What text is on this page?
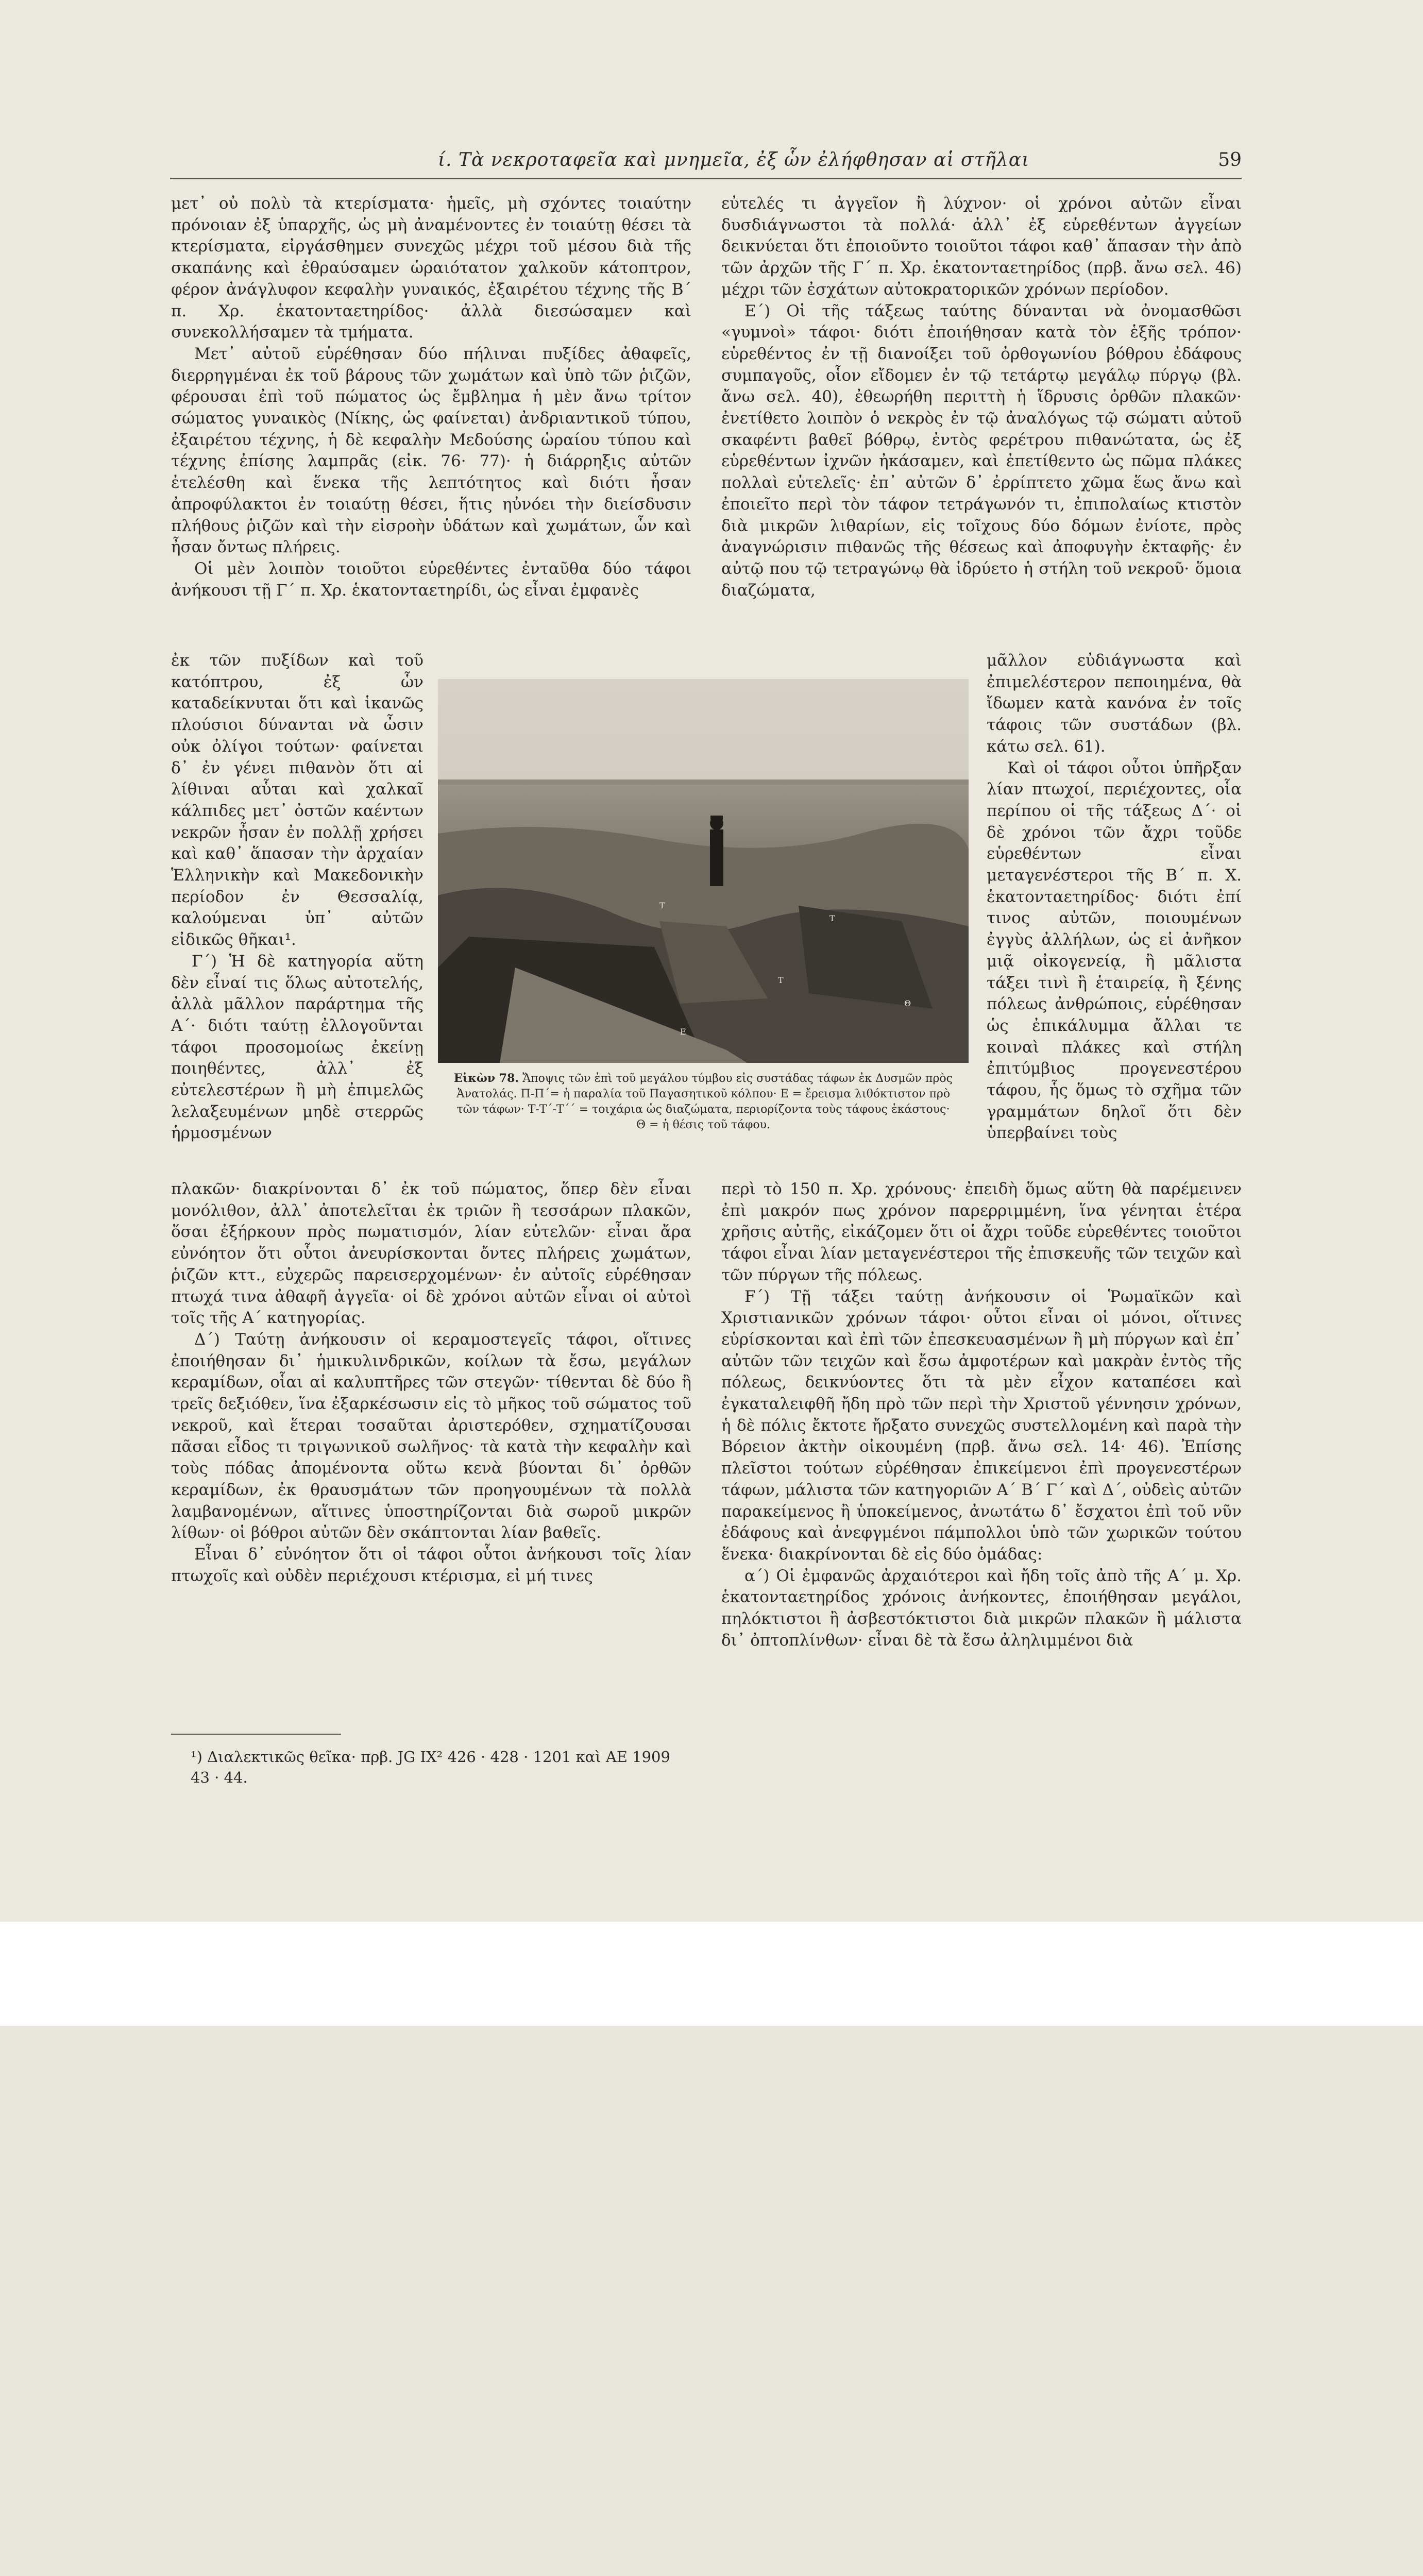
ί. Τὰ νεκροταφεῖα καὶ μνημεῖα, ἐξ ὧν ἐλήφθησαν αἱ στῆλαι	59

μετ᾽ οὐ πολὺ τὰ κτερίσματα· ἡμεῖς, μὴ σχόντες τοιαύτην πρόνοιαν ἐξ ὑπαρχῆς, ὡς μὴ ἀναμένοντες ἐν τοιαύτῃ θέσει τὰ κτερίσματα, εἰργάσθημεν συνεχῶς μέχρι τοῦ μέσου διὰ τῆς σκαπάνης καὶ ἐθραύσαμεν ὡραιότατον χαλκοῦν κάτοπτρον, φέρον ἀνάγλυφον κεφαλὴν γυναικός, ἐξαιρέτου τέχνης τῆς Β΄ π. Χρ. ἑκατονταετηρίδος· ἀλλὰ διεσώσαμεν καὶ συνεκολλήσαμεν τὰ τμήματα.

Μετ᾽ αὐτοῦ εὑρέθησαν δύο πήλιναι πυξίδες ἀθαφεῖς, διερρηγμέναι ἐκ τοῦ βάρους τῶν χωμάτων καὶ ὑπὸ τῶν ῥιζῶν, φέρουσαι ἐπὶ τοῦ πώματος ὡς ἔμβλημα ἡ μὲν ἄνω τρίτον σώματος γυναικὸς (Νίκης, ὡς φαίνεται) ἀνδριαντικοῦ τύπου, ἐξαιρέτου τέχνης, ἡ δὲ κεφαλὴν Μεδούσης ὡραίου τύπου καὶ τέχνης ἐπίσης λαμπρᾶς (εἰκ. 76· 77)· ἡ διάρρηξις αὐτῶν ἐτελέσθη καὶ ἕνεκα τῆς λεπτότητος καὶ διότι ἦσαν ἀπροφύλακτοι ἐν τοιαύτῃ θέσει, ἥτις ηὐνόει τὴν διείσδυσιν πλήθους ῥιζῶν καὶ τὴν εἰσροὴν ὑδάτων καὶ χωμάτων, ὧν καὶ ἦσαν ὄντως πλήρεις.

Οἱ μὲν λοιπὸν τοιοῦτοι εὑρεθέντες ἐνταῦθα δύο τάφοι ἀνήκουσι τῇ Γ΄ π. Χρ. ἑκατονταετηρίδι, ὡς εἶναι ἐμφανὲς

εὐτελές τι ἀγγεῖον ἢ λύχνον· οἱ χρόνοι αὐτῶν εἶναι δυσδιάγνωστοι τὰ πολλά· ἀλλ᾽ ἐξ εὑρεθέντων ἀγγείων δεικνύεται ὅτι ἐποιοῦντο τοιοῦτοι τάφοι καθ᾽ ἅπασαν τὴν ἀπὸ τῶν ἀρχῶν τῆς Γ΄ π. Χρ. ἑκατονταετηρίδος (πρβ. ἄνω σελ. 46) μέχρι τῶν ἐσχάτων αὐτοκρατορικῶν χρόνων περίοδον.

Ε΄) Οἱ τῆς τάξεως ταύτης δύνανται νὰ ὀνομασθῶσι «γυμνοὶ» τάφοι· διότι ἐποιήθησαν κατὰ τὸν ἑξῆς τρόπον· εὑρεθέντος ἐν τῇ διανοίξει τοῦ ὀρθογωνίου βόθρου ἐδάφους συμπαγοῦς, οἷον εἴδομεν ἐν τῷ τετάρτῳ μεγάλῳ πύργῳ (βλ. ἄνω σελ. 40), ἐθεωρήθη περιττὴ ἡ ἵδρυσις ὀρθῶν πλακῶν· ἐνετίθετο λοιπὸν ὁ νεκρὸς ἐν τῷ ἀναλόγως τῷ σώματι αὐτοῦ σκαφέντι βαθεῖ βόθρῳ, ἐντὸς φερέτρου πιθανώτατα, ὡς ἐξ εὑρεθέντων ἰχνῶν ἠκάσαμεν, καὶ ἐπετίθεντο ὡς πῶμα πλάκες πολλαὶ εὐτελεῖς· ἐπ᾽ αὐτῶν δ᾽ ἐρρίπτετο χῶμα ἕως ἄνω καὶ ἐποιεῖτο περὶ τὸν τάφον τετράγωνόν τι, ἐπιπολαίως κτιστὸν διὰ μικρῶν λιθαρίων, εἰς τοῖχους δύο δόμων ἐνίοτε, πρὸς ἀναγνώρισιν πιθανῶς τῆς θέσεως καὶ ἀποφυγὴν ἐκταφῆς· ἐν αὐτῷ που τῷ τετραγώνῳ θὰ ἱδρύετο ἡ στήλη τοῦ νεκροῦ· ὅμοια διαζώματα,

ἐκ τῶν πυξίδων καὶ τοῦ κατόπτρου, ἐξ ὧν καταδείκνυται ὅτι καὶ ἱκανῶς πλούσιοι δύνανται νὰ ὦσιν οὐκ ὀλίγοι τούτων· φαίνεται δ᾽ ἐν γένει πιθανὸν ὅτι αἱ λίθιναι αὗται καὶ χαλκαῖ κάλπιδες μετ᾽ ὀστῶν καέντων νεκρῶν ἦσαν ἐν πολλῇ χρήσει καὶ καθ᾽ ἅπασαν τὴν ἀρχαίαν Ἑλληνικὴν καὶ Μακεδονικὴν περίοδον ἐν Θεσσαλίᾳ, καλούμεναι ὑπ᾽ αὐτῶν εἰδικῶς θῆκαι¹.

Γ΄) Ἡ δὲ κατηγορία αὕτη δὲν εἶναί τις ὅλως αὐτοτελής, ἀλλὰ μᾶλλον παράρτημα τῆς Α΄· διότι ταύτῃ ἐλλογοῦνται τάφοι προσομοίως ἐκείνῃ ποιηθέντες, ἀλλ᾽ ἐξ εὐτελεστέρων ἢ μὴ ἐπιμελῶς λελαξευμένων μηδὲ στερρῶς ἡρμοσμένων

μᾶλλον εὐδιάγνωστα καὶ ἐπιμελέστερον πεποιημένα, θὰ ἴδωμεν κατὰ κανόνα ἐν τοῖς τάφοις τῶν συστάδων (βλ. κάτω σελ. 61).

Καὶ οἱ τάφοι οὗτοι ὑπῆρξαν λίαν πτωχοί, περιέχοντες, οἷα περίπου οἱ τῆς τάξεως Δ΄· οἱ δὲ χρόνοι τῶν ἄχρι τοῦδε εὑρεθέντων εἶναι μεταγενέστεροι τῆς Β΄ π. Χ. ἑκατονταετηρίδος· διότι ἐπί τινος αὐτῶν, ποιουμένων ἐγγὺς ἀλλήλων, ὡς εἰ ἀνῆκον μιᾷ οἰκογενείᾳ, ἢ μᾶλιστα τάξει τινὶ ἢ ἑταιρείᾳ, ἢ ξένης πόλεως ἀνθρώποις, εὑρέθησαν ὡς ἐπικάλυμμα ἄλλαι τε κοιναὶ πλάκες καὶ στήλη ἐπιτύμβιος προγενεστέρου τάφου, ἧς ὅμως τὸ σχῆμα τῶν γραμμάτων δηλοῖ ὅτι δὲν ὑπερβαίνει τοὺς

Τ
Τ
Τ
Ε
Θ
Εἰκὼν 78. Ἄποψις τῶν ἐπὶ τοῦ μεγάλου τύμβου εἰς συστάδας τάφων ἐκ Δυσμῶν πρὸς Ἀνατολάς. Π-Π΄= ἡ παραλία τοῦ Παγασητικοῦ κόλπου· Ε = ἔρεισμα λιθόκτιστον πρὸ τῶν τάφων· Τ-Τ΄-Τ΄΄ = τοιχάρια ὡς διαζώματα, περιορίζοντα τοὺς τάφους ἑκάστους· Θ = ἡ θέσις τοῦ τάφου.

πλακῶν· διακρίνονται δ᾽ ἐκ τοῦ πώματος, ὅπερ δὲν εἶναι μονόλιθον, ἀλλ᾽ ἀποτελεῖται ἐκ τριῶν ἢ τεσσάρων πλακῶν, ὅσαι ἐξήρκουν πρὸς πωματισμόν, λίαν εὐτελῶν· εἶναι ἄρα εὐνόητον ὅτι οὗτοι ἀνευρίσκονται ὄντες πλήρεις χωμάτων, ῥιζῶν κττ., εὐχερῶς παρεισερχομένων· ἐν αὐτοῖς εὑρέθησαν πτωχά τινα ἀθαφῆ ἀγγεῖα· οἱ δὲ χρόνοι αὐτῶν εἶναι οἱ αὐτοὶ τοῖς τῆς Α΄ κατηγορίας.

Δ΄) Ταύτῃ ἀνήκουσιν οἱ κεραμοστεγεῖς τάφοι, οἵτινες ἐποιήθησαν δι᾽ ἡμικυλινδρικῶν, κοίλων τὰ ἔσω, μεγάλων κεραμίδων, οἷαι αἱ καλυπτῆρες τῶν στεγῶν· τίθενται δὲ δύο ἢ τρεῖς δεξιόθεν, ἵνα ἐξαρκέσωσιν εἰς τὸ μῆκος τοῦ σώματος τοῦ νεκροῦ, καὶ ἕτεραι τοσαῦται ἀριστερόθεν, σχηματίζουσαι πᾶσαι εἶδος τι τριγωνικοῦ σωλῆνος· τὰ κατὰ τὴν κεφαλὴν καὶ τοὺς πόδας ἀπομένοντα οὕτω κενὰ βύονται δι᾽ ὀρθῶν κεραμίδων, ἐκ θραυσμάτων τῶν προηγουμένων τὰ πολλὰ λαμβανομένων, αἵτινες ὑποστηρίζονται διὰ σωροῦ μικρῶν λίθων· οἱ βόθροι αὐτῶν δὲν σκάπτονται λίαν βαθεῖς.

Εἶναι δ᾽ εὐνόητον ὅτι οἱ τάφοι οὗτοι ἀνήκουσι τοῖς λίαν πτωχοῖς καὶ οὐδὲν περιέχουσι κτέρισμα, εἰ μή τινες

περὶ τὸ 150 π. Χρ. χρόνους· ἐπειδὴ ὅμως αὕτη θὰ παρέμεινεν ἐπὶ μακρόν πως χρόνον παρερριμμένη, ἵνα γένηται ἑτέρα χρῆσις αὐτῆς, εἰκάζομεν ὅτι οἱ ἄχρι τοῦδε εὑρεθέντες τοιοῦτοι τάφοι εἶναι λίαν μεταγενέστεροι τῆς ἐπισκευῆς τῶν τειχῶν καὶ τῶν πύργων τῆς πόλεως.

F΄) Τῇ τάξει ταύτῃ ἀνήκουσιν οἱ Ῥωμαϊκῶν καὶ Χριστιανικῶν χρόνων τάφοι· οὗτοι εἶναι οἱ μόνοι, οἵτινες εὑρίσκονται καὶ ἐπὶ τῶν ἐπεσκευασμένων ἢ μὴ πύργων καὶ ἐπ᾽ αὐτῶν τῶν τειχῶν καὶ ἔσω ἀμφοτέρων καὶ μακρὰν ἐντὸς τῆς πόλεως, δεικνύοντες ὅτι τὰ μὲν εἶχον καταπέσει καὶ ἐγκαταλειφθῆ ἤδη πρὸ τῶν περὶ τὴν Χριστοῦ γέννησιν χρόνων, ἡ δὲ πόλις ἔκτοτε ἤρξατο συνεχῶς συστελλομένη καὶ παρὰ τὴν Βόρειον ἀκτὴν οἰκουμένη (πρβ. ἄνω σελ. 14· 46). Ἐπίσης πλεῖστοι τούτων εὑρέθησαν ἐπικείμενοι ἐπὶ προγενεστέρων τάφων, μάλιστα τῶν κατηγοριῶν Α΄ Β΄ Γ΄ καὶ Δ΄, οὐδεὶς αὐτῶν παρακείμενος ἢ ὑποκείμενος, ἀνωτάτω δ᾽ ἔσχατοι ἐπὶ τοῦ νῦν ἐδάφους καὶ ἀνεφγμένοι πάμπολλοι ὑπὸ τῶν χωρικῶν τούτου ἕνεκα· διακρίνονται δὲ εἰς δύο ὁμάδας:

α΄) Οἱ ἐμφανῶς ἀρχαιότεροι καὶ ἤδη τοῖς ἀπὸ τῆς Α΄ μ. Χρ. ἑκατονταετηρίδος χρόνοις ἀνήκοντες, ἐποιήθησαν μεγάλοι, πηλόκτιστοι ἢ ἀσβεστόκτιστοι διὰ μικρῶν πλακῶν ἢ μάλιστα δι᾽ ὀπτοπλίνθων· εἶναι δὲ τὰ ἔσω ἀληλιμμένοι διὰ

¹) Διαλεκτικῶς θεῖκα· πρβ. JG IX² 426 · 428 · 1201 καὶ ΑΕ 1909 43 · 44.
